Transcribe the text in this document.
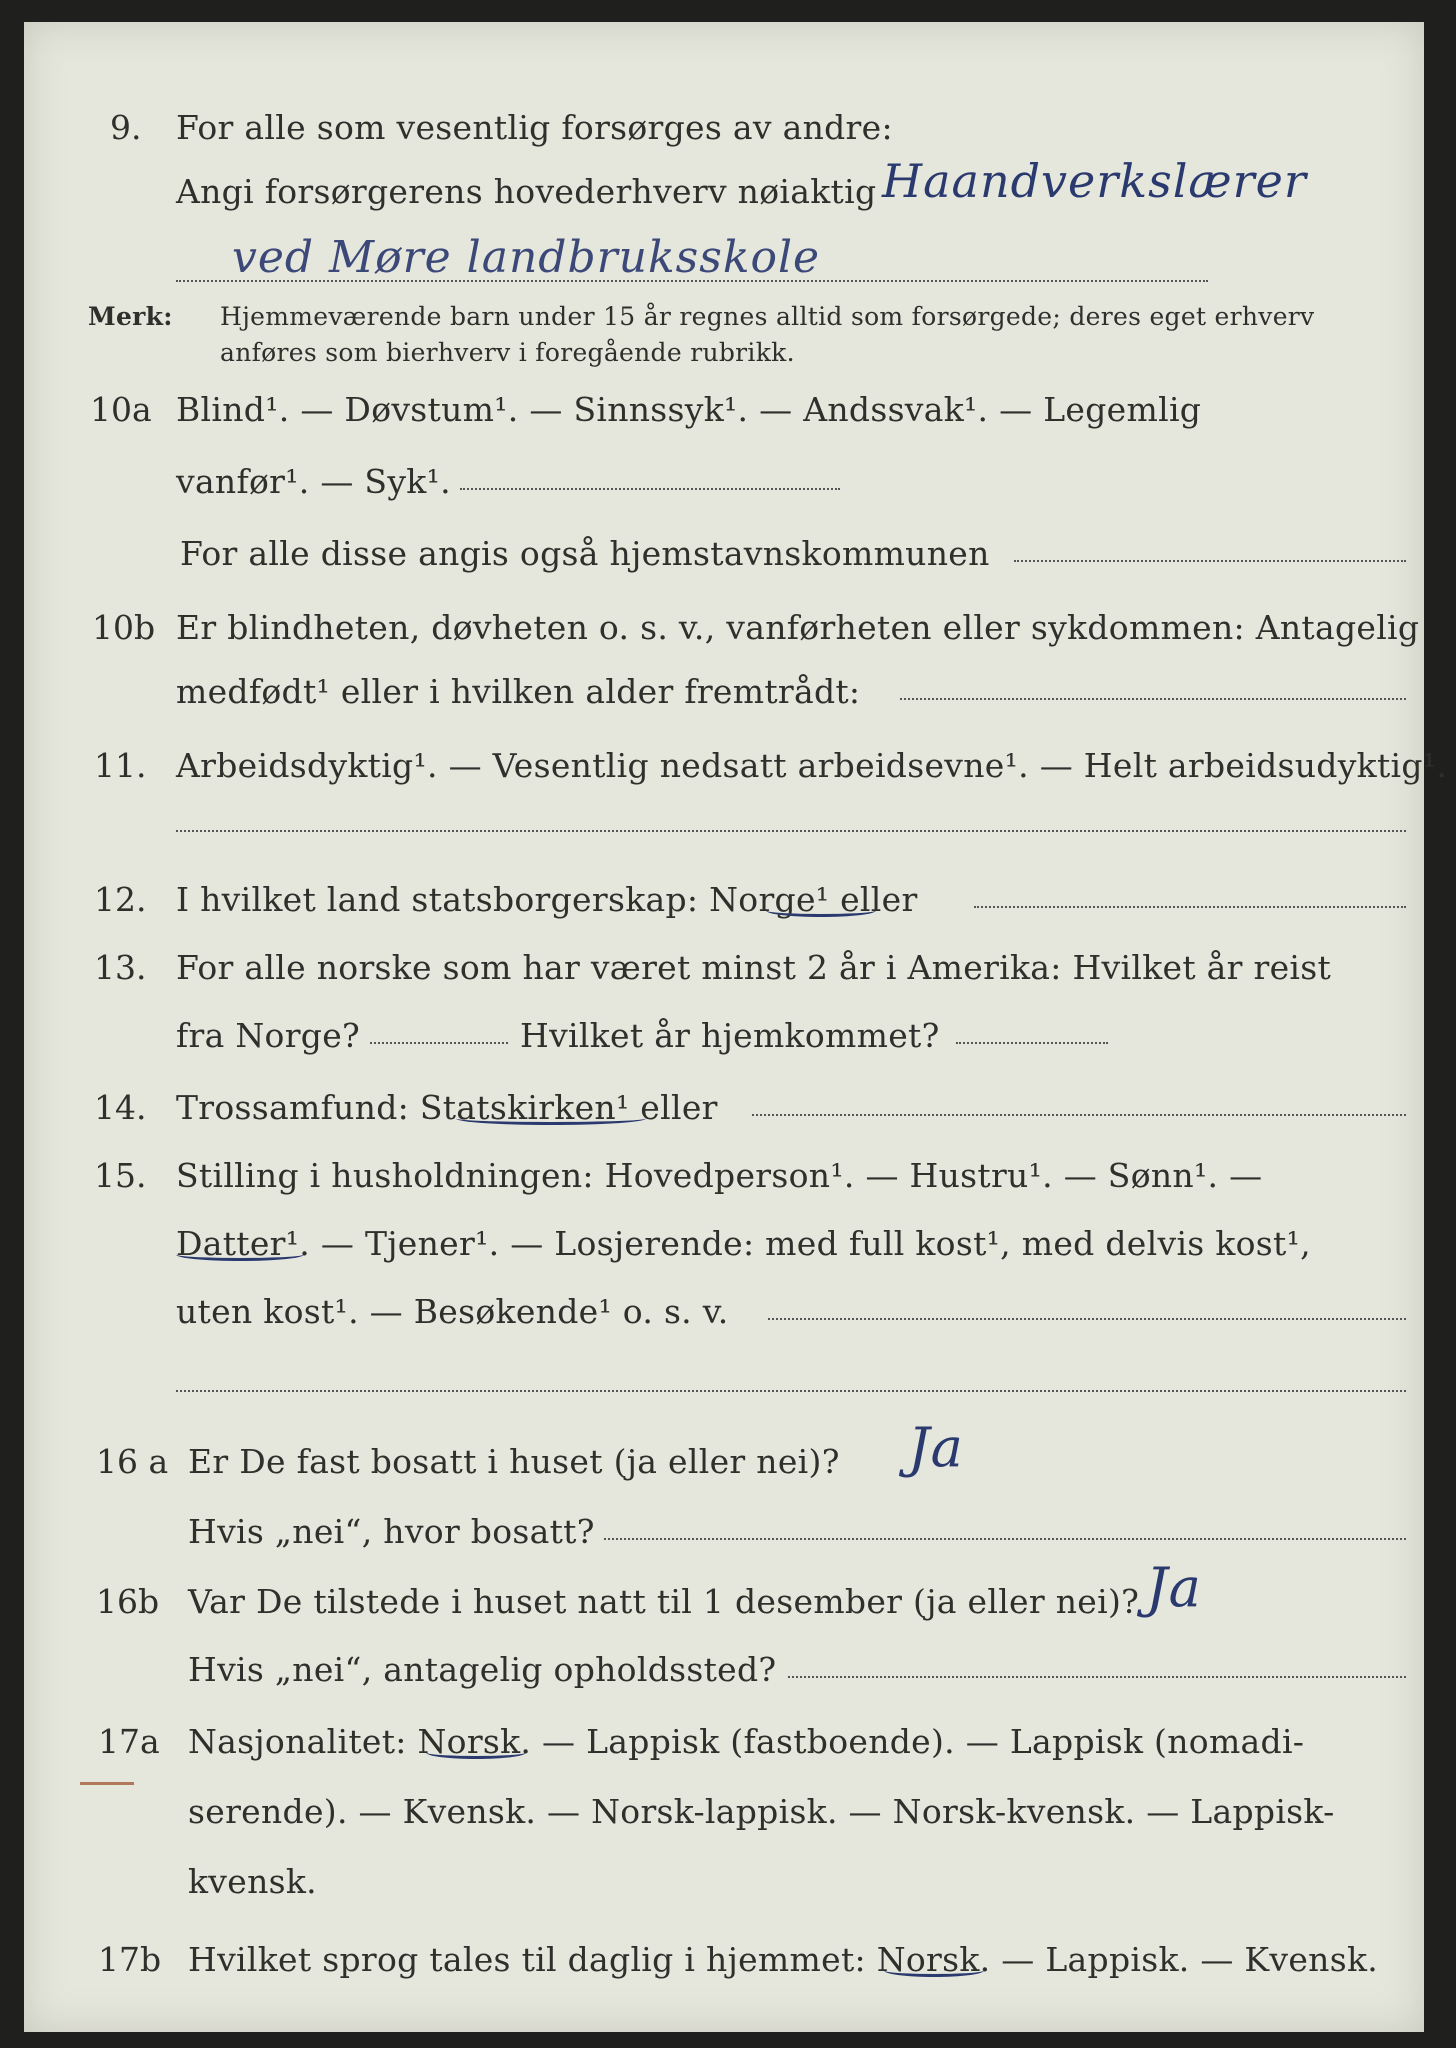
9. For alle som vesentlig forsørges av andre:
Angi forsørgerens hovederhverv nøiaktig Haandverkslærer
ved Møre landbruksskole
Merk: Hjemmeværende barn under 15 år regnes alltid som forsørgede; deres eget erhverv
anføres som bierhverv i foregående rubrikk.
10a Blind¹. — Døvstum¹. — Sinnssyk¹. — Andssvak¹. — Legemlig
vanfør¹. — Syk¹.
For alle disse angis også hjemstavnskommunen
10b Er blindheten, døvheten o. s. v., vanførheten eller sykdommen: Antagelig
medfødt¹ eller i hvilken alder fremtrådt:
11. Arbeidsdyktig¹. — Vesentlig nedsatt arbeidsevne¹. — Helt arbeidsudyktig¹.
12. I hvilket land statsborgerskap: Norge¹ eller
13. For alle norske som har været minst 2 år i Amerika: Hvilket år reist
fra Norge?	Hvilket år hjemkommet?
14. Trossamfund: Statskirken¹ eller
15. Stilling i husholdningen: Hovedperson¹. — Hustru¹. — Sønn¹. —
Datter¹. — Tjener¹. — Losjerende: med full kost¹, med delvis kost¹,
uten kost¹. — Besøkende¹ o. s. v.
16 a Er De fast bosatt i huset (ja eller nei)? Ja
Hvis „nei“, hvor bosatt?
16b Var De tilstede i huset natt til 1 desember (ja eller nei)? Ja
Hvis „nei“, antagelig opholdssted?
17a Nasjonalitet: Norsk. — Lappisk (fastboende). — Lappisk (nomadi-
serende). — Kvensk. — Norsk-lappisk. — Norsk-kvensk. — Lappisk-
kvensk.
17b Hvilket sprog tales til daglig i hjemmet: Norsk. — Lappisk. — Kvensk.
